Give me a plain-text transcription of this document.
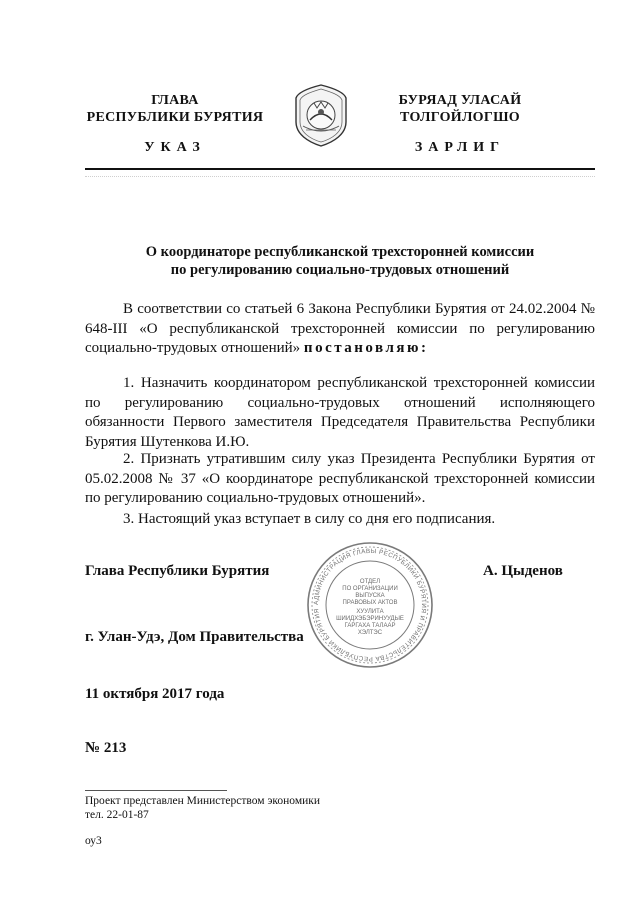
ГЛАВА
РЕСПУБЛИКИ БУРЯТИЯ
БУРЯАД УЛАСАЙ
ТОЛГОЙЛОГШО
УКАЗ	ЗАРЛИГ
О координаторе республиканской трехсторонней комиссии
по регулированию социально-трудовых отношений
В соответствии со статьей 6 Закона Республики Бурятия от 24.02.2004 № 648-III «О республиканской трехсторонней комиссии по регулированию социально-трудовых отношений» постановляю:
1. Назначить координатором республиканской трехсторонней комиссии по регулированию социально-трудовых отношений исполняющего обязанности Первого заместителя Председателя Правительства Республики Бурятия Шутенкова И.Ю.
2. Признать утратившим силу указ Президента Республики Бурятия от 05.02.2008 № 37 «О координаторе республиканской трехсторонней комиссии по регулированию социально-трудовых отношений».
3. Настоящий указ вступает в силу со дня его подписания.
Глава Республики Бурятия	А. Цыденов
АДМИНИСТРАЦИЯ ГЛАВЫ РЕСПУБЛИКИ БУРЯТИЯ И ПРАВИТЕЛЬСТВА РЕСПУБЛИКИ БУРЯТИЯ
ОТДЕЛ
ПО ОРГАНИЗАЦИИ
ВЫПУСКА
ПРАВОВЫХ АКТОВ
ХУУЛИТА
ШИИДХЭБЭРИНУУДЫЕ
ГАРГАХА ТАЛААР
ХЭЛТЭС
г. Улан-Удэ, Дом Правительства
11 октября 2017 года
№ 213
Проект представлен Министерством экономики
тел. 22-01-87
оу3
